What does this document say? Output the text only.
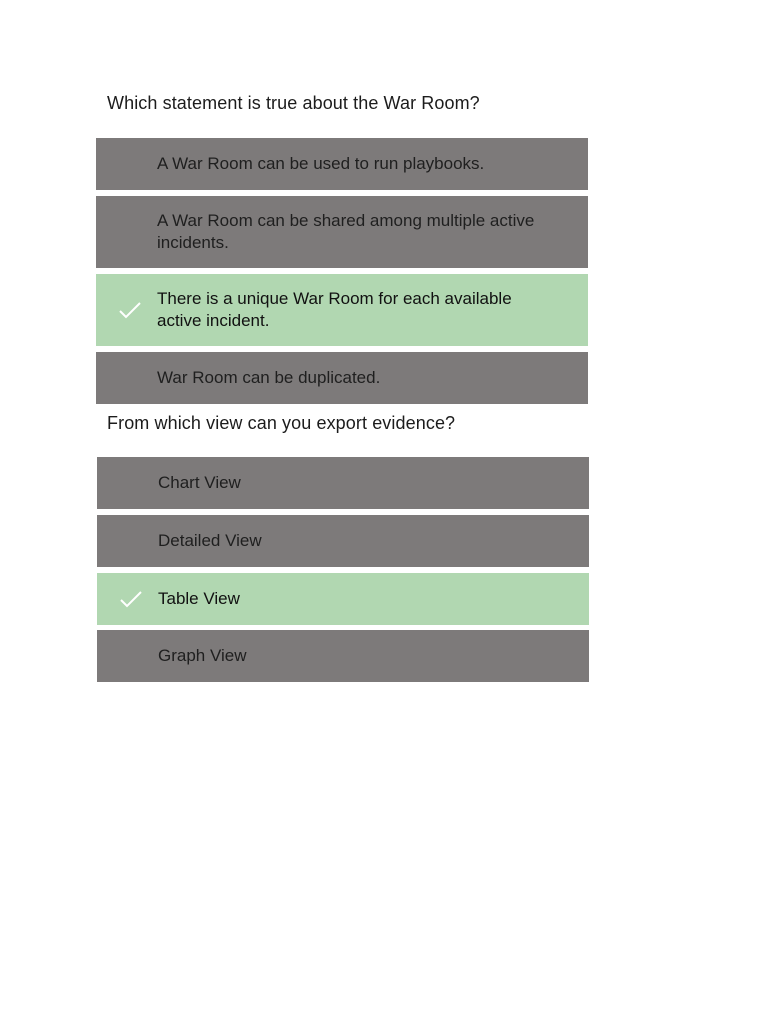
Which statement is true about the War Room?
A War Room can be used to run playbooks.
A War Room can be shared among multiple active incidents.
There is a unique War Room for each available active incident.
War Room can be duplicated.
From which view can you export evidence?
Chart View
Detailed View
Table View
Graph View
